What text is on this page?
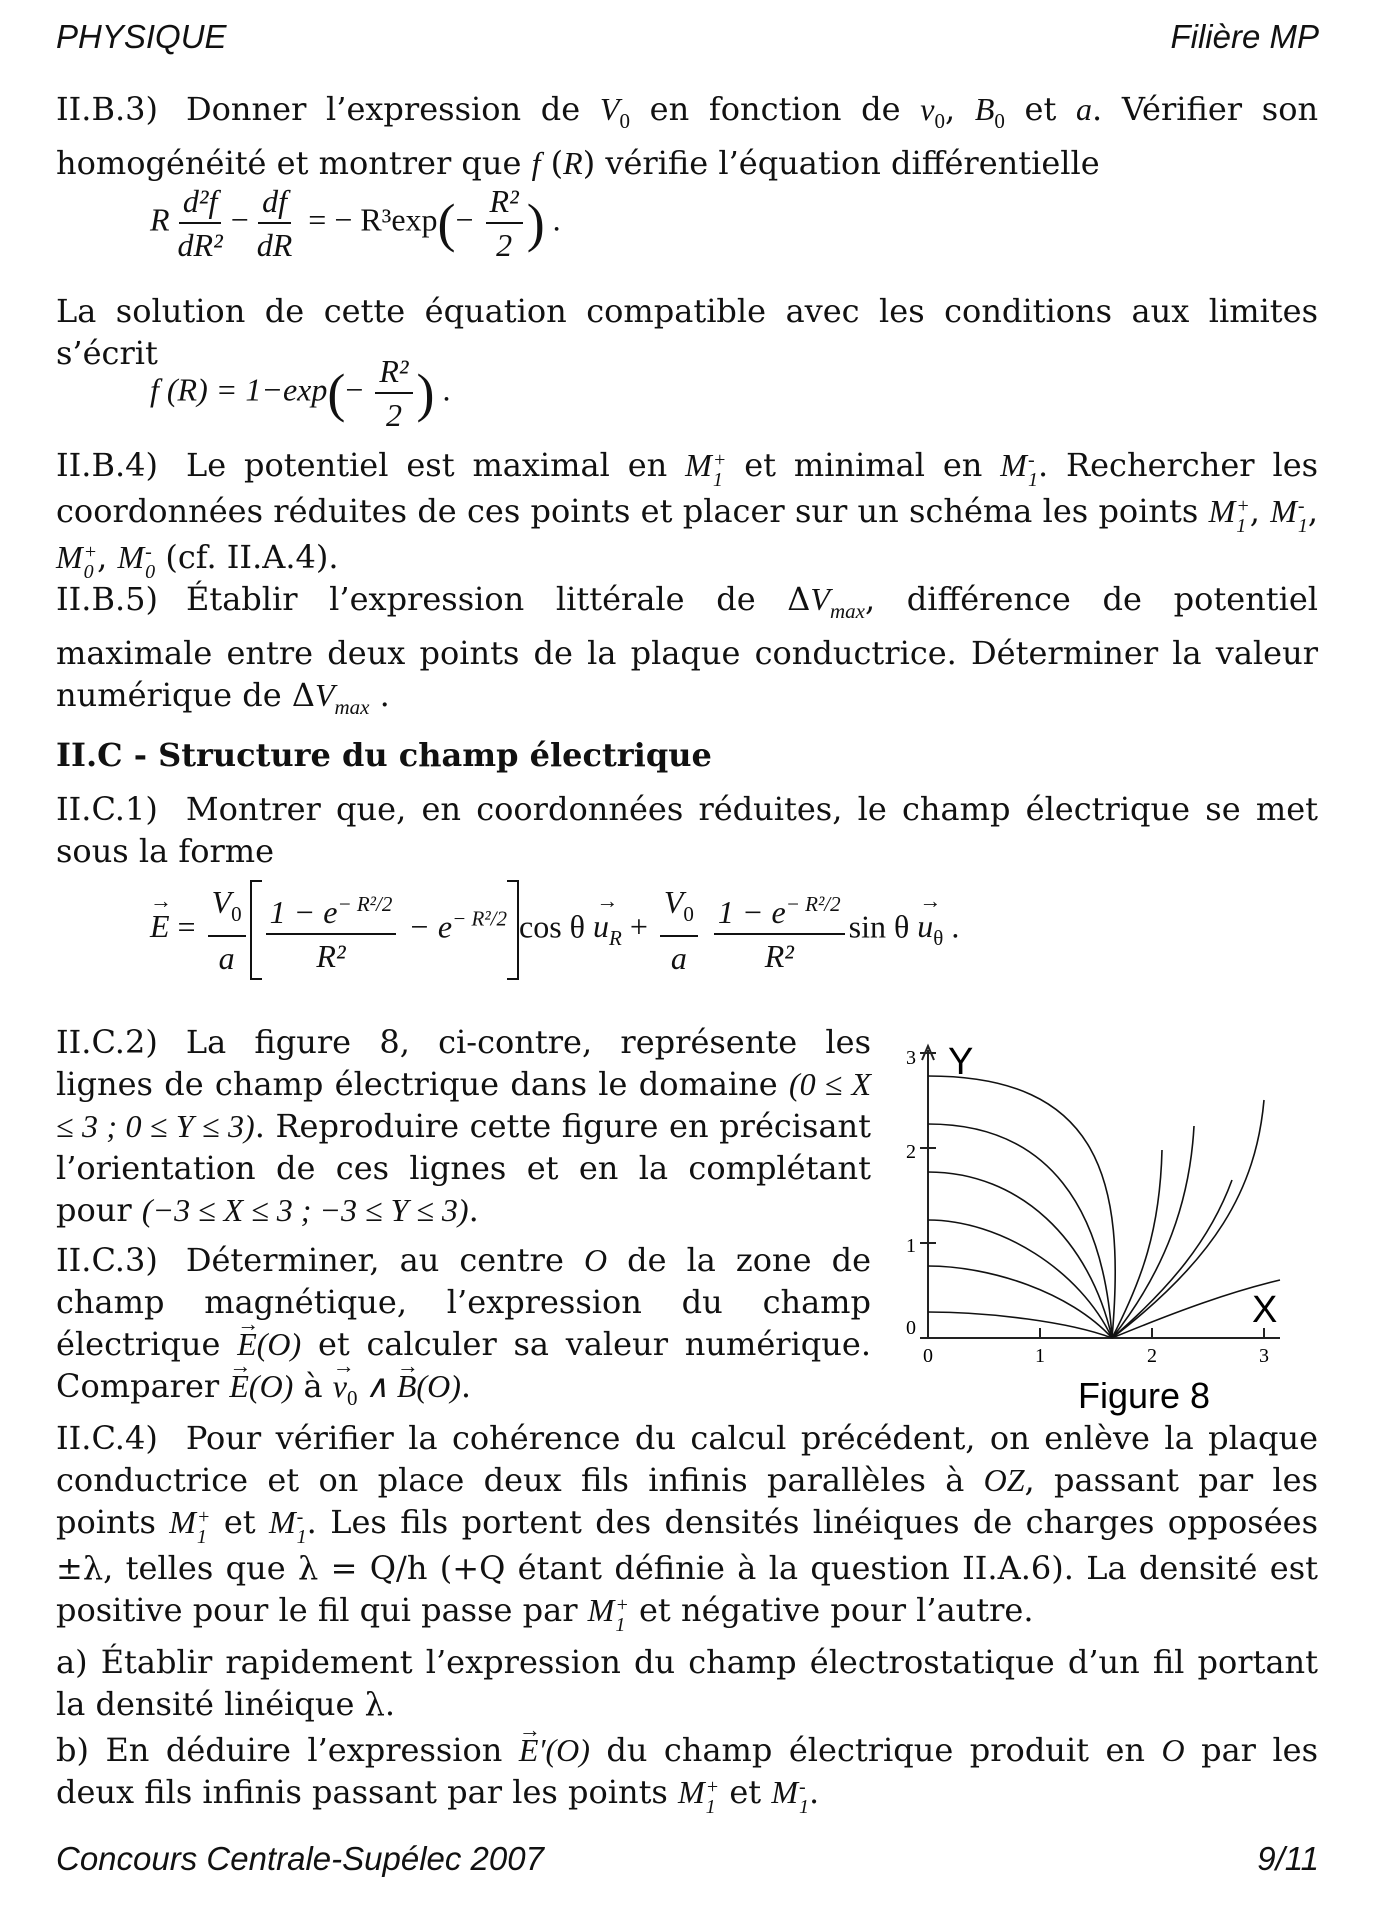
PHYSIQUE	Filière MP
II.B.3) Donner l’expression de $V_0$ en fonction de $v_0$, $B_0$ et a. Vérifier son homogénéité et montrer que f (R) vérifie l’équation différentielle
R $\frac{\text{d²f}}{\text{dR²}} - \frac{df}{dR}$ = − $R^3\exp(- \frac{\text{R²}}{2}$ ) .
La solution de cette équation compatible avec les conditions aux limites s’écrit
f $(R) = 1-\exp(- \frac{\text{R²}}{2}$ ) .
II.B.4) Le potentiel est maximal en M +
1 et minimal en M -
1 . Rechercher les coordonnées réduites de ces points et placer sur un schéma les points M +
1 , M -
1 , M +
0 , M -
0 (cf. II.A.4).
II.B.5) Établir l’expression littérale de $\Delta V_{max}$, différence de potentiel maximale entre deux points de la plaque conductrice. Déterminer la valeur numérique de $\Delta V_{max}$ .
II.C - Structure du champ électrique
II.C.1) Montrer que, en coordonnées réduites, le champ électrique se met sous la forme
→ $E = \frac{V_0}{a} \frac{1 - e^{- R^2/2}}{\text{R²}} - e^{- R^2/2}$ $\cos \theta \to u_R + \frac{V_0}{a}$
$\frac{1 - e^{- R^2/2}}{\text{R²}}$ $\sin \theta \to u_\theta$ .
II.C.2) La figure 8, ci-contre, représente les lignes de champ électrique dans le domaine (0 ≤ X ≤ 3 ; 0 ≤ Y ≤ 3). Reproduire cette figure en précisant l’orientation de ces lignes et en la complétant pour (−3 ≤ X ≤ 3 ; −3 ≤ Y ≤ 3).
II.C.3) Déterminer, au centre O de la zone de champ magnétique, l’expression du champ électrique → E(O) et calculer sa valeur numérique. Comparer → E(O) à → $v_0$ ∧ → B(O).
II.C.4) Pour vérifier la cohérence du calcul précédent, on enlève la plaque conductrice et on place deux fils infinis parallèles à OZ, passant par les points M +
1 et M -
1 . Les fils portent des densités linéiques de charges opposées ±λ, telles que λ = Q/h (+Q étant définie à la question II.A.6). La densité est positive pour le fil qui passe par M +
1 et négative pour l’autre.
a) Établir rapidement l’expression du champ électrostatique d’un fil portant la densité linéique λ.
b) En déduire l’expression → E′(O) du champ électrique produit en O par les deux fils infinis passant par les points M +
1 et M -
1 .
3
2
1
0
0	1	2	3
Y
X
Figure 8
Concours Centrale-Supélec 2007	9/11
